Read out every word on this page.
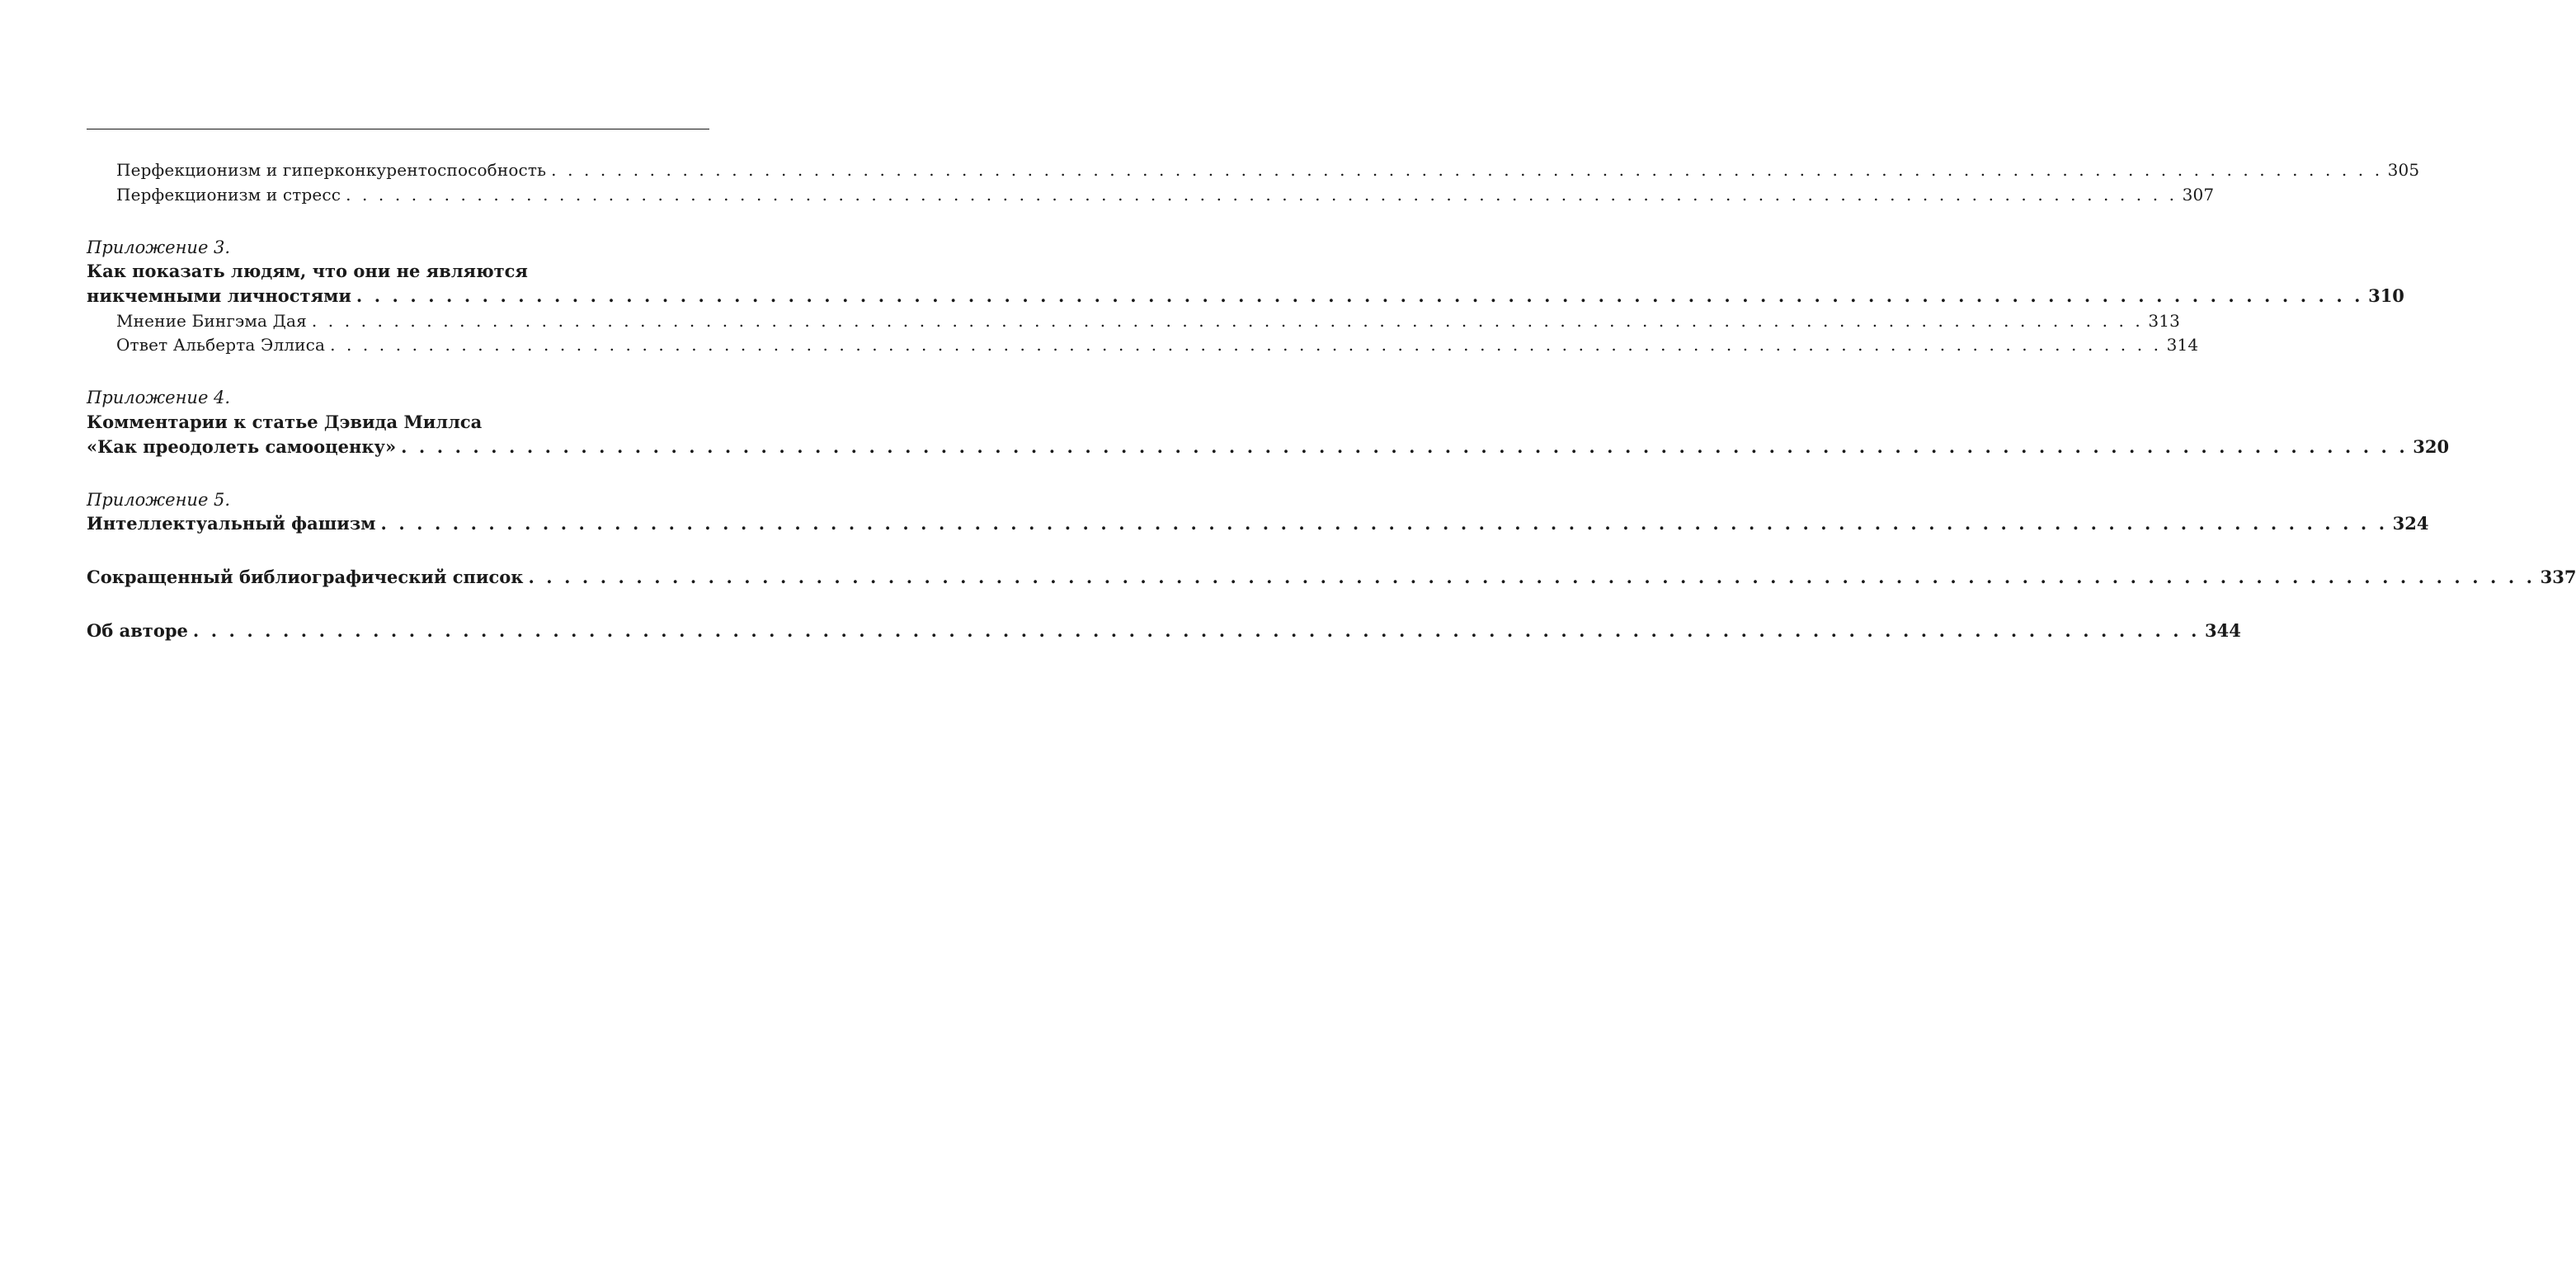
Перфекционизм и гиперконкурентоспособность . . . . . . . . . . . . . . . . . . . . . . . . . . . . . . . . . . . . . . . . . . . . . . . . . . . . . . . . . . . . . . . . . . . . . . . . . . . . . . . . . . . . . . . . . . . . . . . . . . . . . . . . . . . . . . . . 305
Перфекционизм и стресс . . . . . . . . . . . . . . . . . . . . . . . . . . . . . . . . . . . . . . . . . . . . . . . . . . . . . . . . . . . . . . . . . . . . . . . . . . . . . . . . . . . . . . . . . . . . . . . . . . . . . . . . . . . . . . . . 307
Приложение 3.
Как показать людям, что они не являются
никчемными личностями . . . . . . . . . . . . . . . . . . . . . . . . . . . . . . . . . . . . . . . . . . . . . . . . . . . . . . . . . . . . . . . . . . . . . . . . . . . . . . . . . . . . . . . . . . . . . . . . . . . . . . . . . . . . . . . . 310
Мнение Бингэма Дая . . . . . . . . . . . . . . . . . . . . . . . . . . . . . . . . . . . . . . . . . . . . . . . . . . . . . . . . . . . . . . . . . . . . . . . . . . . . . . . . . . . . . . . . . . . . . . . . . . . . . . . . . . . . . . . . 313
Ответ Альберта Эллиса . . . . . . . . . . . . . . . . . . . . . . . . . . . . . . . . . . . . . . . . . . . . . . . . . . . . . . . . . . . . . . . . . . . . . . . . . . . . . . . . . . . . . . . . . . . . . . . . . . . . . . . . . . . . . . . . 314
Приложение 4.
Комментарии к статье Дэвида Миллса
«Как преодолеть самооценку» . . . . . . . . . . . . . . . . . . . . . . . . . . . . . . . . . . . . . . . . . . . . . . . . . . . . . . . . . . . . . . . . . . . . . . . . . . . . . . . . . . . . . . . . . . . . . . . . . . . . . . . . . . . . . . . . 320
Приложение 5.
Интеллектуальный фашизм . . . . . . . . . . . . . . . . . . . . . . . . . . . . . . . . . . . . . . . . . . . . . . . . . . . . . . . . . . . . . . . . . . . . . . . . . . . . . . . . . . . . . . . . . . . . . . . . . . . . . . . . . . . . . . . . 324
Сокращенный библиографический список . . . . . . . . . . . . . . . . . . . . . . . . . . . . . . . . . . . . . . . . . . . . . . . . . . . . . . . . . . . . . . . . . . . . . . . . . . . . . . . . . . . . . . . . . . . . . . . . . . . . . . . . . . . . . . . . 337
Об авторе . . . . . . . . . . . . . . . . . . . . . . . . . . . . . . . . . . . . . . . . . . . . . . . . . . . . . . . . . . . . . . . . . . . . . . . . . . . . . . . . . . . . . . . . . . . . . . . . . . . . . . . . . . . . . . . . 344
